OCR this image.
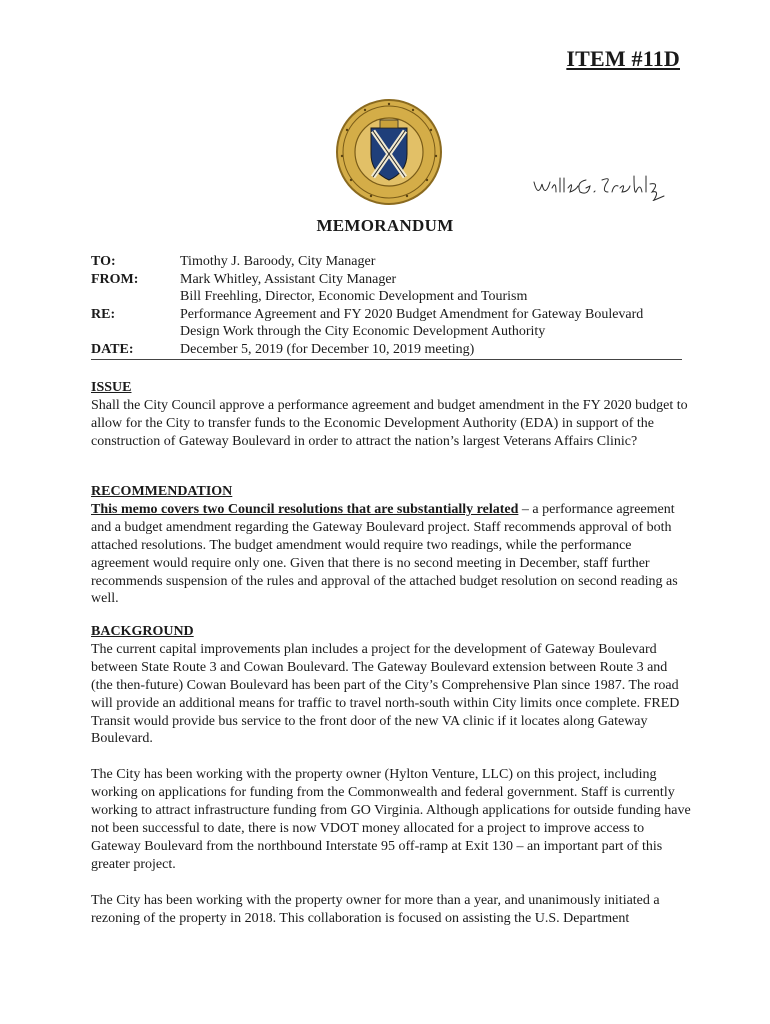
ITEM #11D
MEMORANDUM
TO:	Timothy J. Baroody, City Manager
FROM:	Mark Whitley, Assistant City Manager
Bill Freehling, Director, Economic Development and Tourism
RE:	Performance Agreement and FY 2020 Budget Amendment for Gateway Boulevard
Design Work through the City Economic Development Authority
DATE:	December 5, 2019 (for December 10, 2019 meeting)
ISSUE

Shall the City Council approve a performance agreement and budget amendment in the FY 2020 budget to allow for the City to transfer funds to the Economic Development Authority (EDA) in support of the construction of Gateway Boulevard in order to attract the nation’s largest Veterans Affairs Clinic?

RECOMMENDATION

This memo covers two Council resolutions that are substantially related – a performance agreement and a budget amendment regarding the Gateway Boulevard project. Staff recommends approval of both attached resolutions. The budget amendment would require two readings, while the performance agreement would require only one. Given that there is no second meeting in December, staff further recommends suspension of the rules and approval of the attached budget resolution on second reading as well.

BACKGROUND

The current capital improvements plan includes a project for the development of Gateway Boulevard between State Route 3 and Cowan Boulevard. The Gateway Boulevard extension between Route 3 and (the then-future) Cowan Boulevard has been part of the City’s Comprehensive Plan since 1987. The road will provide an additional means for traffic to travel north-south within City limits once complete. FRED Transit would provide bus service to the front door of the new VA clinic if it locates along Gateway Boulevard.

The City has been working with the property owner (Hylton Venture, LLC) on this project, including working on applications for funding from the Commonwealth and federal government. Staff is currently working to attract infrastructure funding from GO Virginia. Although applications for outside funding have not been successful to date, there is now VDOT money allocated for a project to improve access to Gateway Boulevard from the northbound Interstate 95 off-ramp at Exit 130 – an important part of this greater project.

The City has been working with the property owner for more than a year, and unanimously initiated a rezoning of the property in 2018. This collaboration is focused on assisting the U.S. Department
